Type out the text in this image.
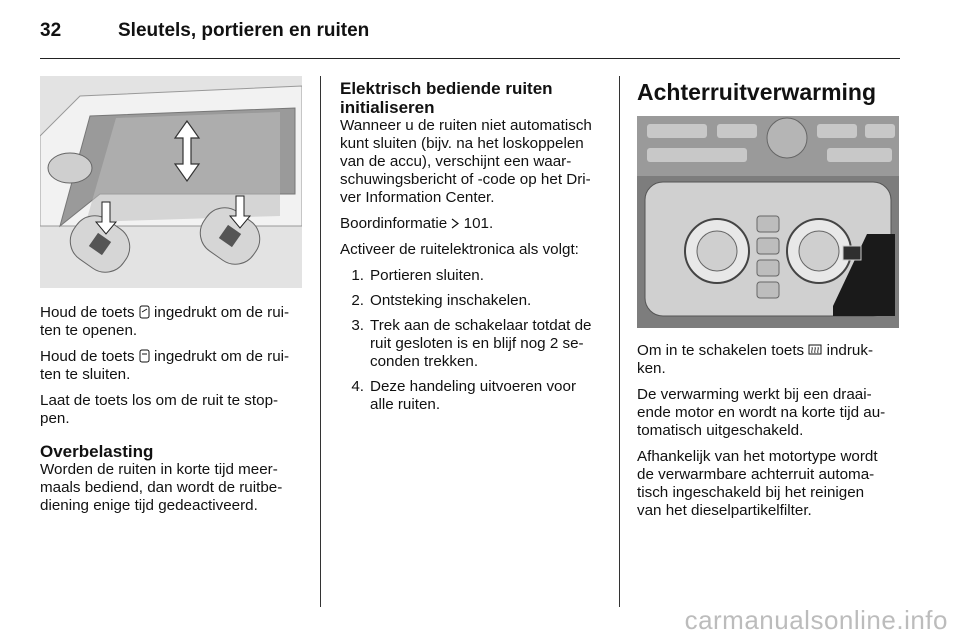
32	Sleutels, portieren en ruiten

Houd de toets  ingedrukt om de rui-
ten te openen.

Houd de toets  ingedrukt om de rui-
ten te sluiten.

Laat de toets los om de ruit te stop-
pen.

Overbelasting

Worden de ruiten in korte tijd meer-
maals bediend, dan wordt de ruitbe-
diening enige tijd gedeactiveerd.

Elektrisch bediende ruiten
initialiseren

Wanneer u de ruiten niet automatisch
kunt sluiten (bijv. na het loskoppelen
van de accu), verschijnt een waar-
schuwingsbericht of -code op het Dri-
ver Information Center.

Boordinformatie  101.

Activeer de ruitelektronica als volgt:

1. Portieren sluiten.
2. Ontsteking inschakelen.
3. Trek aan de schakelaar totdat de
ruit gesloten is en blijf nog 2 se-
conden trekken.
4. Deze handeling uitvoeren voor
alle ruiten.
Achterruitverwarming

Om in te schakelen toets  indruk-
ken.

De verwarming werkt bij een draai-
ende motor en wordt na korte tijd au-
tomatisch uitgeschakeld.

Afhankelijk van het motortype wordt
de verwarmbare achterruit automa-
tisch ingeschakeld bij het reinigen
van het dieselpartikelfilter.

carmanualsonline.info
